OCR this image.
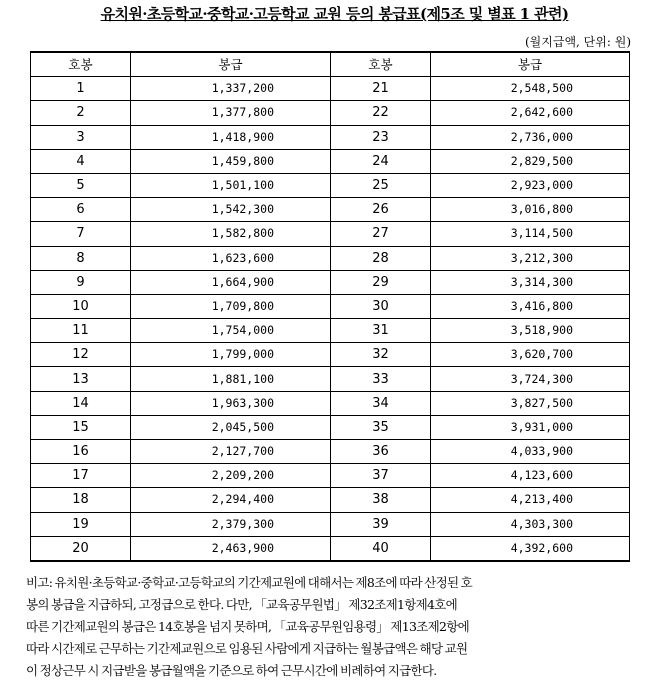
유치원·초등학교·중학교·고등학교 교원 등의 봉급표(제5조 및 별표 1 관련)
(월지급액, 단위: 원)
호봉	봉급	호봉	봉급
1	1,337,200	21	2,548,500
2	1,377,800	22	2,642,600
3	1,418,900	23	2,736,000
4	1,459,800	24	2,829,500
5	1,501,100	25	2,923,000
6	1,542,300	26	3,016,800
7	1,582,800	27	3,114,500
8	1,623,600	28	3,212,300
9	1,664,900	29	3,314,300
10	1,709,800	30	3,416,800
11	1,754,000	31	3,518,900
12	1,799,000	32	3,620,700
13	1,881,100	33	3,724,300
14	1,963,300	34	3,827,500
15	2,045,500	35	3,931,000
16	2,127,700	36	4,033,900
17	2,209,200	37	4,123,600
18	2,294,400	38	4,213,400
19	2,379,300	39	4,303,300
20	2,463,900	40	4,392,600
비고: 유치원·초등학교·중학교·고등학교의 기간제교원에 대해서는 제8조에 따라 산정된 호
봉의 봉급을 지급하되, 고정급으로 한다. 다만, 「교육공무원법」 제32조제1항제4호에
따른 기간제교원의 봉급은 14호봉을 넘지 못하며, 「교육공무원임용령」 제13조제2항에
따라 시간제로 근무하는 기간제교원으로 임용된 사람에게 지급하는 월봉급액은 해당 교원
이 정상근무 시 지급받을 봉급월액을 기준으로 하여 근무시간에 비례하여 지급한다.
